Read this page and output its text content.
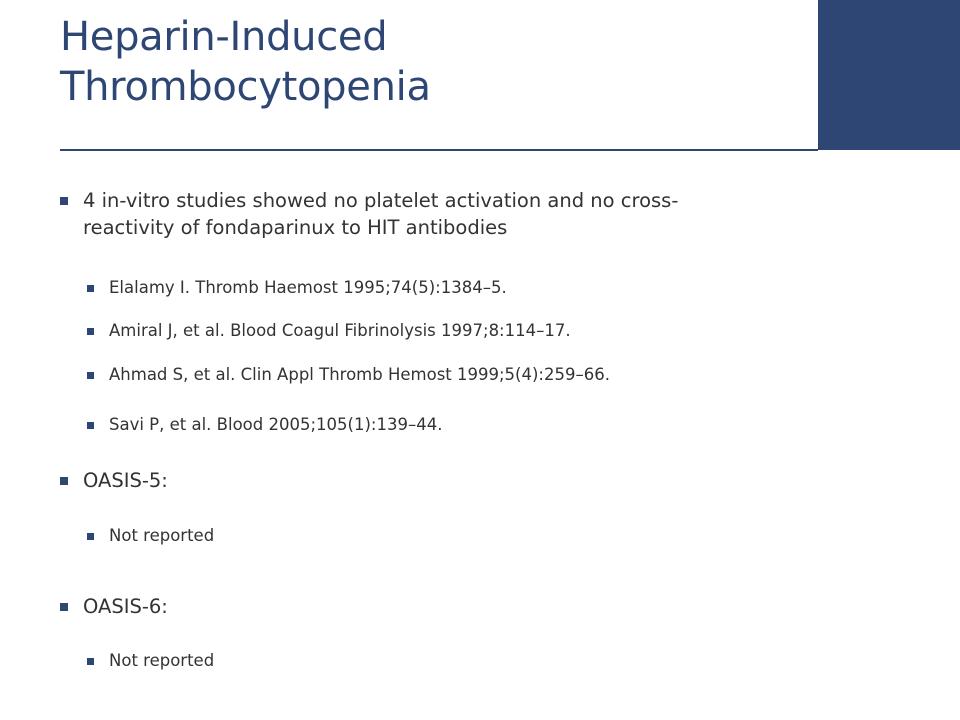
Heparin-Induced
Thrombocytopenia
4 in-vitro studies showed no platelet activation and no cross-
reactivity of fondaparinux to HIT antibodies
Elalamy I. Thromb Haemost 1995;74(5):1384–5.
Amiral J, et al. Blood Coagul Fibrinolysis 1997;8:114–17.
Ahmad S, et al. Clin Appl Thromb Hemost 1999;5(4):259–66.
Savi P, et al. Blood 2005;105(1):139–44.
OASIS-5:
Not reported
OASIS-6:
Not reported
